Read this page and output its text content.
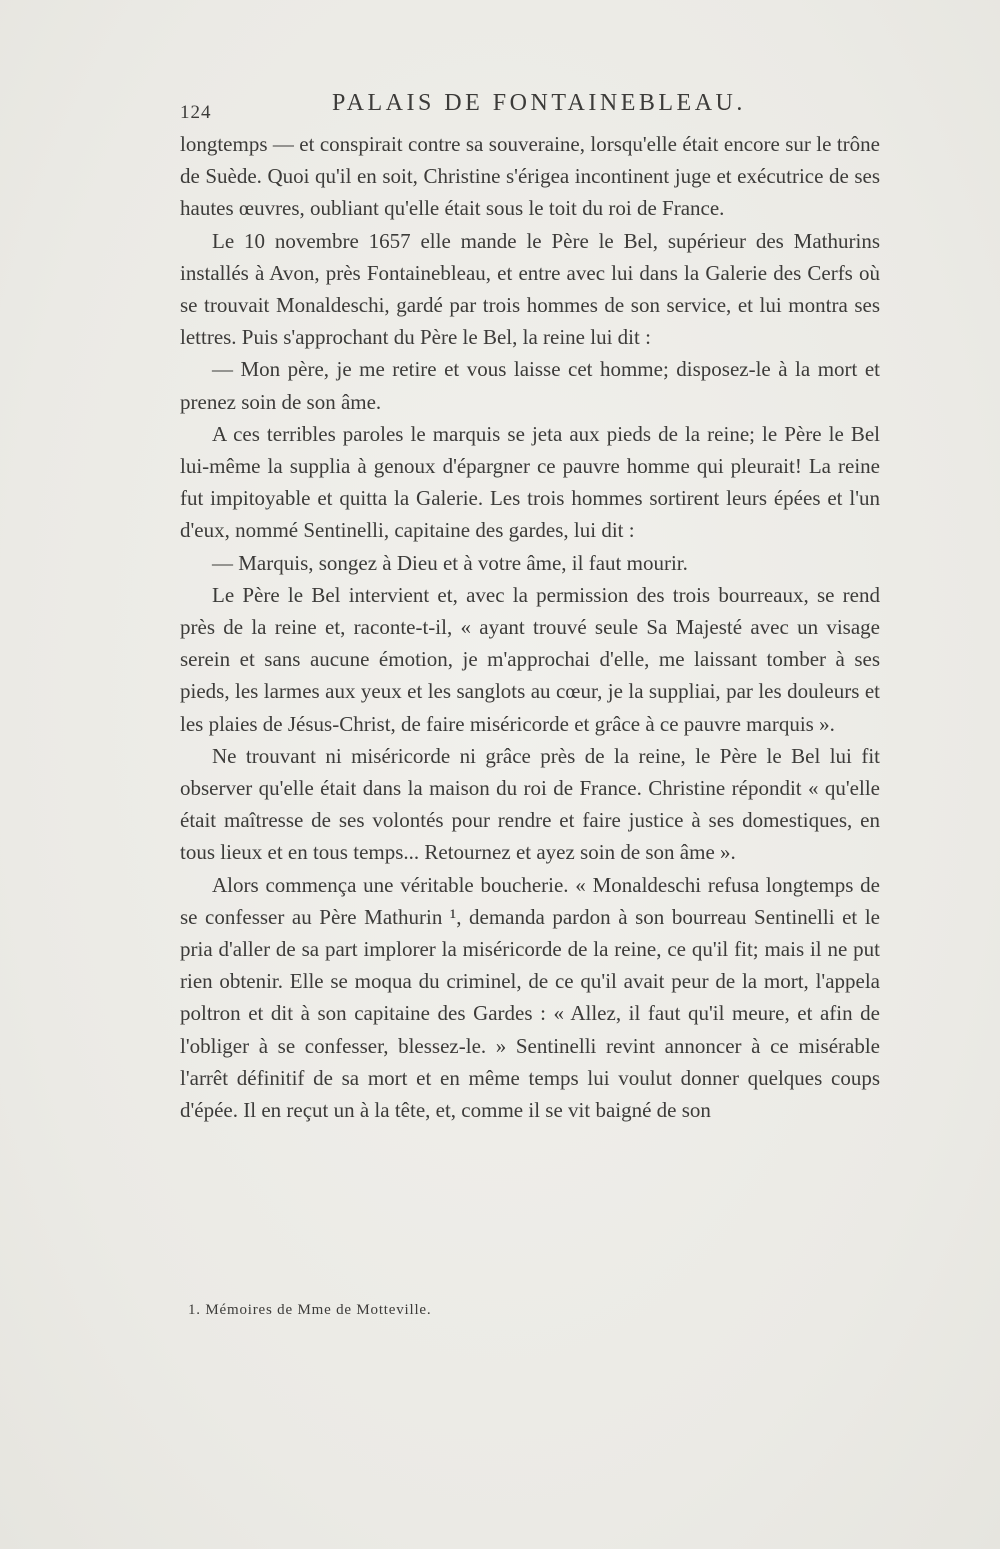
124	PALAIS DE FONTAINEBLEAU.

longtemps — et conspirait contre sa souveraine, lorsqu'elle était encore sur le trône de Suède. Quoi qu'il en soit, Christine s'érigea incontinent juge et exécutrice de ses hautes œuvres, oubliant qu'elle était sous le toit du roi de France.

Le 10 novembre 1657 elle mande le Père le Bel, supérieur des Mathurins installés à Avon, près Fontainebleau, et entre avec lui dans la Galerie des Cerfs où se trouvait Monaldeschi, gardé par trois hommes de son service, et lui montra ses lettres. Puis s'approchant du Père le Bel, la reine lui dit :

— Mon père, je me retire et vous laisse cet homme; disposez-le à la mort et prenez soin de son âme.

A ces terribles paroles le marquis se jeta aux pieds de la reine; le Père le Bel lui-même la supplia à genoux d'épargner ce pauvre homme qui pleurait! La reine fut impitoyable et quitta la Galerie. Les trois hommes sortirent leurs épées et l'un d'eux, nommé Sentinelli, capitaine des gardes, lui dit :

— Marquis, songez à Dieu et à votre âme, il faut mourir.

Le Père le Bel intervient et, avec la permission des trois bourreaux, se rend près de la reine et, raconte-t-il, « ayant trouvé seule Sa Majesté avec un visage serein et sans aucune émotion, je m'approchai d'elle, me laissant tomber à ses pieds, les larmes aux yeux et les sanglots au cœur, je la suppliai, par les douleurs et les plaies de Jésus-Christ, de faire miséricorde et grâce à ce pauvre marquis ».

Ne trouvant ni miséricorde ni grâce près de la reine, le Père le Bel lui fit observer qu'elle était dans la maison du roi de France. Christine répondit « qu'elle était maîtresse de ses volontés pour rendre et faire justice à ses domestiques, en tous lieux et en tous temps... Retournez et ayez soin de son âme ».

Alors commença une véritable boucherie. « Monaldeschi refusa longtemps de se confesser au Père Mathurin ¹, demanda pardon à son bourreau Sentinelli et le pria d'aller de sa part implorer la miséricorde de la reine, ce qu'il fit; mais il ne put rien obtenir. Elle se moqua du criminel, de ce qu'il avait peur de la mort, l'appela poltron et dit à son capitaine des Gardes : « Allez, il faut qu'il meure, et afin de l'obliger à se confesser, blessez-le. » Sentinelli revint annoncer à ce misérable l'arrêt définitif de sa mort et en même temps lui voulut donner quelques coups d'épée. Il en reçut un à la tête, et, comme il se vit baigné de son

1. Mémoires de Mme de Motteville.
